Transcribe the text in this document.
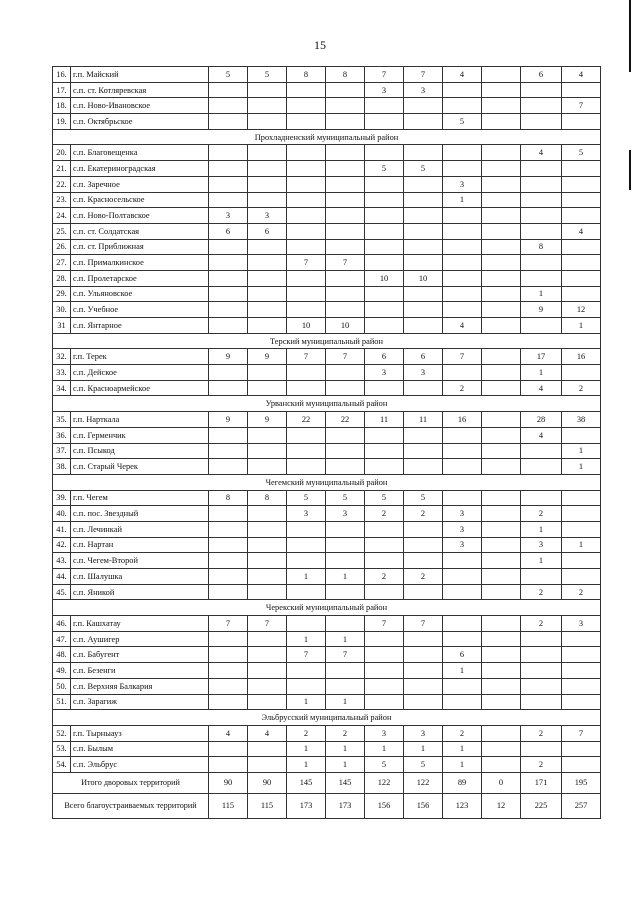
15
16.	г.п. Майский	5	5	8	8	7	7	4		6	4
17.	с.п. ст. Котляревская					3	3				
18.	с.п. Ново-Ивановское										7
19.	с.п. Октябрьское							5			
Прохладненский муниципальный район											
20.	с.п. Благовещенка									4	5
21.	с.п. Екатериноградская					5	5				
22.	с.п. Заречное							3			
23.	с.п. Красносельское							1			
24.	с.п. Ново-Полтавское	3	3								
25.	с.п. ст. Солдатская	6	6								4
26.	с.п. ст. Приближная									8	
27.	с.п. Прималкинское			7	7						
28.	с.п. Пролетарское					10	10				
29.	с.п. Ульяновское									1	
30.	с.п. Учебное									9	12
31	с.п. Янтарное			10	10			4			1
Терский муниципальный район											
32.	г.п. Терек	9	9	7	7	6	6	7		17	16
33.	с.п. Дейское					3	3			1	
34.	с.п. Красноармейское							2		4	2
Урванский муниципальный район											
35.	г.п. Нарткала	9	9	22	22	11	11	16		28	38
36.	с.п. Герменчик									4	
37.	с.п. Псыкод										1
38.	с.п. Старый Черек										1
Чегемский муниципальный район											
39.	г.п. Чегем	8	8	5	5	5	5				
40.	с.п. пос. Звездный			3	3	2	2	3		2	
41.	с.п. Лечинкай							3		1	
42.	с.п. Нартан							3		3	1
43.	с.п. Чегем-Второй									1	
44.	с.п. Шалушка			1	1	2	2				
45.	с.п. Яникой									2	2
Черекский муниципальный район											
46.	г.п. Кашхатау	7	7			7	7			2	3
47.	с.п. Аушигер			1	1						
48.	с.п. Бабугент			7	7			6			
49.	с.п. Безенги							1			
50.	с.п. Верхняя Балкария										
51.	с.п. Зарагиж			1	1						
Эльбрусский муниципальный район											
52.	г.п. Тырныауз	4	4	2	2	3	3	2		2	7
53.	с.п. Былым			1	1	1	1	1			
54.	с.п. Эльбрус			1	1	5	5	1		2	
Итого дворовых территорий		90	90	145	145	122	122	89	0	171	195
Всего благоустраиваемых территорий		115	115	173	173	156	156	123	12	225	257
